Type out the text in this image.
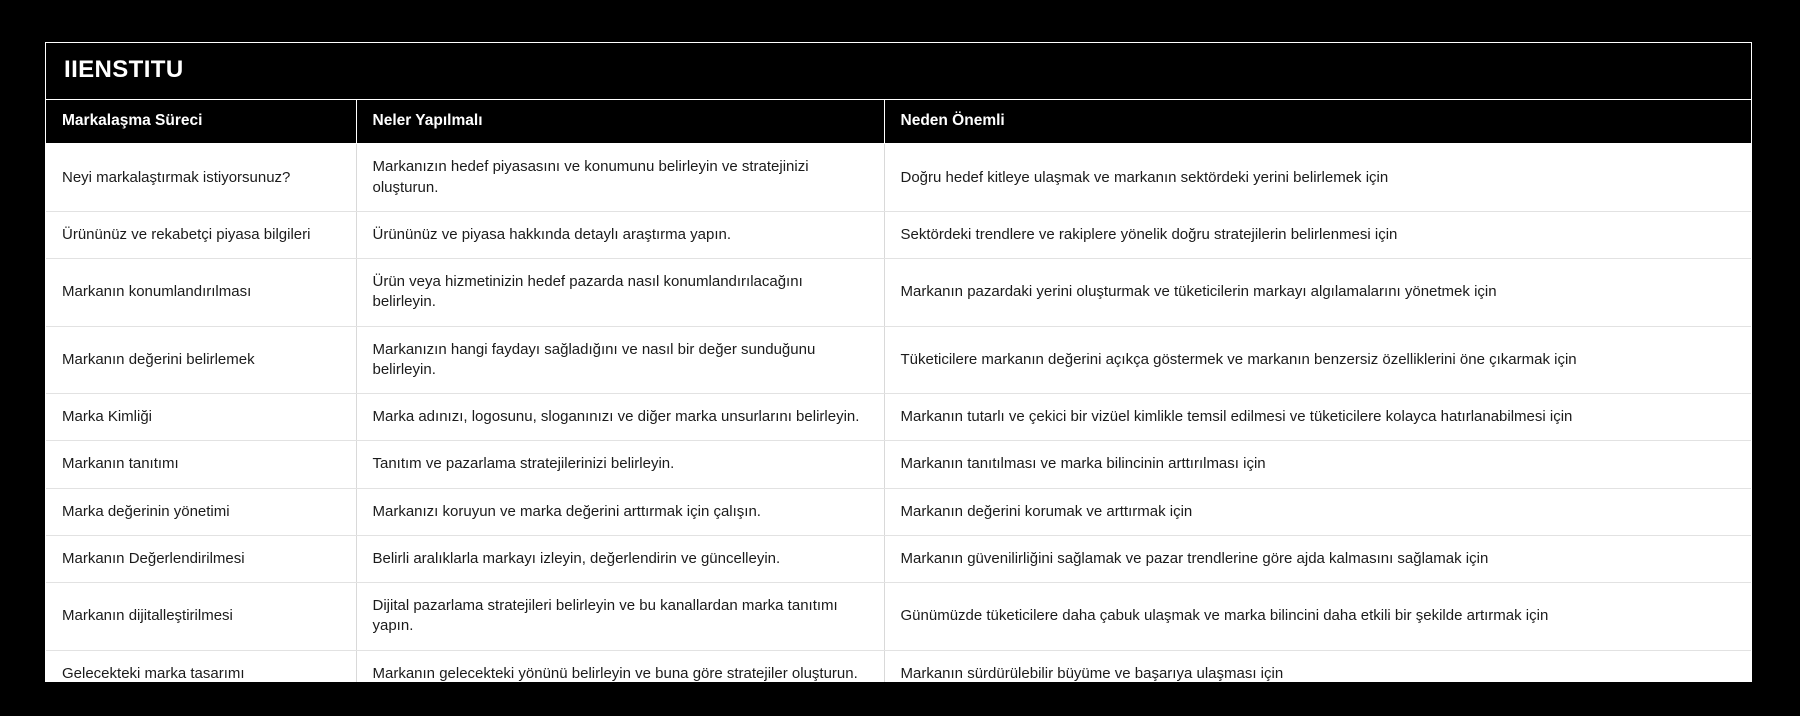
IIENSTITU		
Markalaşma Süreci	Neler Yapılmalı	Neden Önemli

Neyi markalaştırmak istiyorsunuz?	Markanızın hedef piyasasını ve konumunu belirleyin ve stratejinizi oluşturun.	Doğru hedef kitleye ulaşmak ve markanın sektördeki yerini belirlemek için

Ürününüz ve rekabetçi piyasa bilgileri	Ürününüz ve piyasa hakkında detaylı araştırma yapın.	Sektördeki trendlere ve rakiplere yönelik doğru stratejilerin belirlenmesi için

Markanın konumlandırılması	Ürün veya hizmetinizin hedef pazarda nasıl konumlandırılacağını belirleyin.	Markanın pazardaki yerini oluşturmak ve tüketicilerin markayı algılamalarını yönetmek için

Markanın değerini belirlemek	Markanızın hangi faydayı sağladığını ve nasıl bir değer sunduğunu belirleyin.	Tüketicilere markanın değerini açıkça göstermek ve markanın benzersiz özelliklerini öne çıkarmak için

Marka Kimliği	Marka adınızı, logosunu, sloganınızı ve diğer marka unsurlarını belirleyin.	Markanın tutarlı ve çekici bir vizüel kimlikle temsil edilmesi ve tüketicilere kolayca hatırlanabilmesi için

Markanın tanıtımı	Tanıtım ve pazarlama stratejilerinizi belirleyin.	Markanın tanıtılması ve marka bilincinin arttırılması için

Marka değerinin yönetimi	Markanızı koruyun ve marka değerini arttırmak için çalışın.	Markanın değerini korumak ve arttırmak için

Markanın Değerlendirilmesi	Belirli aralıklarla markayı izleyin, değerlendirin ve güncelleyin.	Markanın güvenilirliğini sağlamak ve pazar trendlerine göre ajda kalmasını sağlamak için

Markanın dijitalleştirilmesi	Dijital pazarlama stratejileri belirleyin ve bu kanallardan marka tanıtımı yapın.	Günümüzde tüketicilere daha çabuk ulaşmak ve marka bilincini daha etkili bir şekilde artırmak için

Gelecekteki marka tasarımı	Markanın gelecekteki yönünü belirleyin ve buna göre stratejiler oluşturun.	Markanın sürdürülebilir büyüme ve başarıya ulaşması için
